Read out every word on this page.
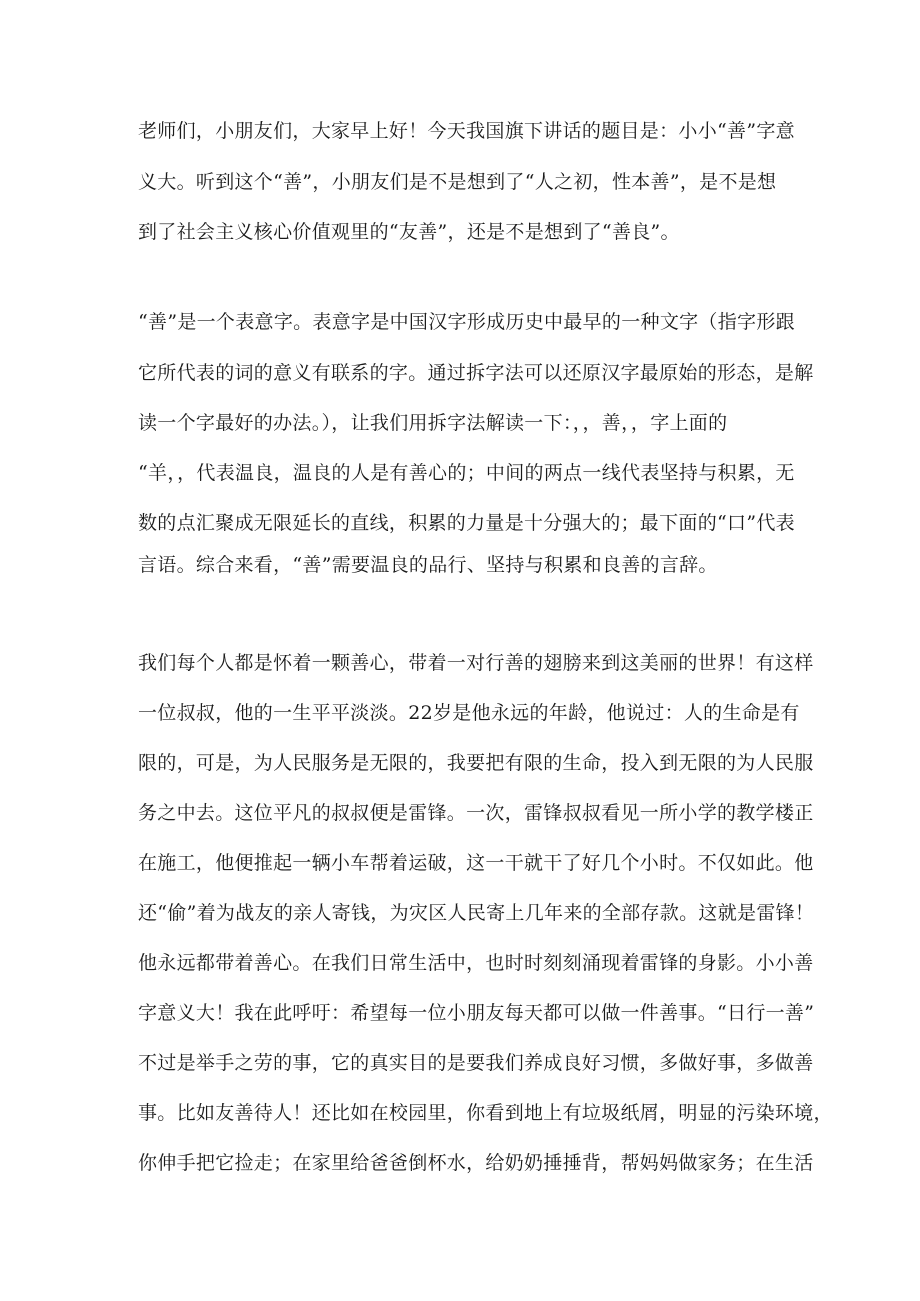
老师们，小朋友们，大家早上好！今天我国旗下讲话的题目是：小小“善”字意
义大。听到这个“善”，小朋友们是不是想到了“人之初，性本善”，是不是想
到了社会主义核心价值观里的“友善”，还是不是想到了“善良”。
“善”是一个表意字。表意字是中国汉字形成历史中最早的一种文字（指字形跟
它所代表的词的意义有联系的字。通过拆字法可以还原汉字最原始的形态，是解
读一个字最好的办法。），让我们用拆字法解读一下：，，善，，字上面的
“羊，，代表温良，温良的人是有善心的；中间的两点一线代表坚持与积累，无
数的点汇聚成无限延长的直线，积累的力量是十分强大的；最下面的“口”代表
言语。综合来看，“善”需要温良的品行、坚持与积累和良善的言辞。
我们每个人都是怀着一颗善心，带着一对行善的翅膀来到这美丽的世界！有这样
一位叔叔，他的一生平平淡淡。22岁是他永远的年龄，他说过：人的生命是有
限的，可是，为人民服务是无限的，我要把有限的生命，投入到无限的为人民服
务之中去。这位平凡的叔叔便是雷锋。一次，雷锋叔叔看见一所小学的教学楼正
在施工，他便推起一辆小车帮着运破，这一干就干了好几个小时。不仅如此。他
还“偷”着为战友的亲人寄钱，为灾区人民寄上几年来的全部存款。这就是雷锋！
他永远都带着善心。在我们日常生活中，也时时刻刻涌现着雷锋的身影。小小善
字意义大！我在此呼吁：希望每一位小朋友每天都可以做一件善事。“日行一善”
不过是举手之劳的事，它的真实目的是要我们养成良好习惯，多做好事，多做善
事。比如友善待人！还比如在校园里，你看到地上有垃圾纸屑，明显的污染环境，
你伸手把它捡走；在家里给爸爸倒杯水，给奶奶捶捶背，帮妈妈做家务；在生活
